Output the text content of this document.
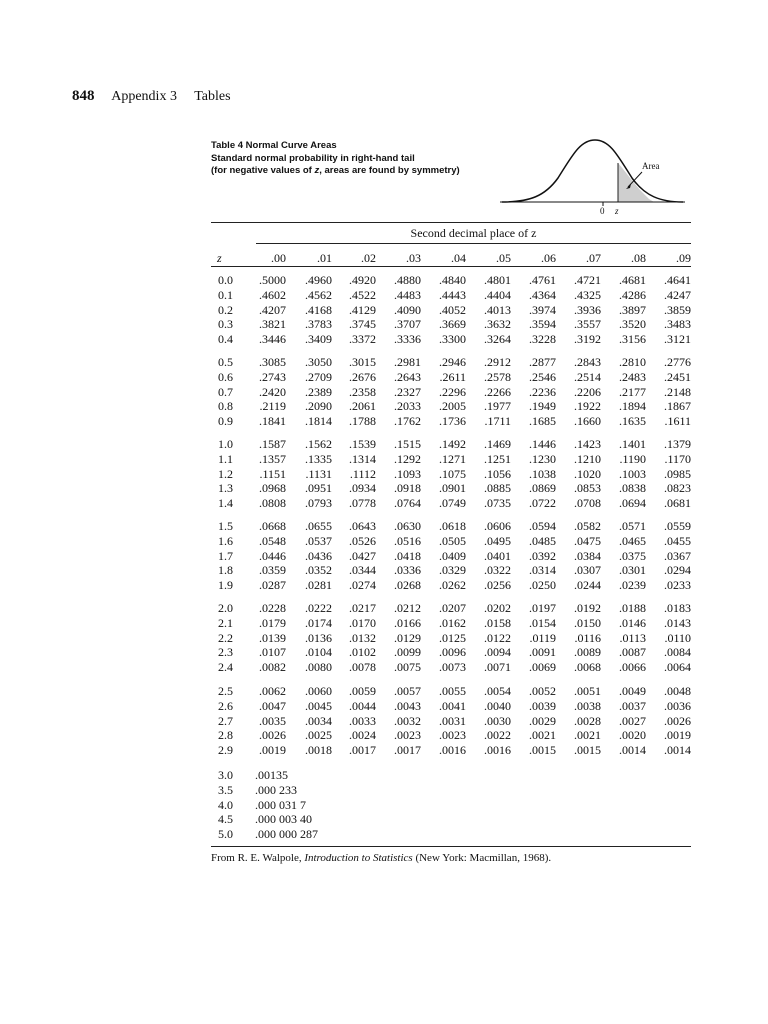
848 Appendix 3 Tables
Table 4 Normal Curve Areas
Standard normal probability in right-hand tail
(for negative values of z, areas are found by symmetry)	Area
0 z
Second decimal place of z
z	.00	.01	.02	.03	.04	.05	.06	.07	.08	.09
0.0	.5000	.4960	.4920	.4880	.4840	.4801	.4761	.4721	.4681	.4641
0.1	.4602	.4562	.4522	.4483	.4443	.4404	.4364	.4325	.4286	.4247
0.2	.4207	.4168	.4129	.4090	.4052	.4013	.3974	.3936	.3897	.3859
0.3	.3821	.3783	.3745	.3707	.3669	.3632	.3594	.3557	.3520	.3483
0.4	.3446	.3409	.3372	.3336	.3300	.3264	.3228	.3192	.3156	.3121
0.5	.3085	.3050	.3015	.2981	.2946	.2912	.2877	.2843	.2810	.2776
0.6	.2743	.2709	.2676	.2643	.2611	.2578	.2546	.2514	.2483	.2451
0.7	.2420	.2389	.2358	.2327	.2296	.2266	.2236	.2206	.2177	.2148
0.8	.2119	.2090	.2061	.2033	.2005	.1977	.1949	.1922	.1894	.1867
0.9	.1841	.1814	.1788	.1762	.1736	.1711	.1685	.1660	.1635	.1611
1.0	.1587	.1562	.1539	.1515	.1492	.1469	.1446	.1423	.1401	.1379
1.1	.1357	.1335	.1314	.1292	.1271	.1251	.1230	.1210	.1190	.1170
1.2	.1151	.1131	.1112	.1093	.1075	.1056	.1038	.1020	.1003	.0985
1.3	.0968	.0951	.0934	.0918	.0901	.0885	.0869	.0853	.0838	.0823
1.4	.0808	.0793	.0778	.0764	.0749	.0735	.0722	.0708	.0694	.0681
1.5	.0668	.0655	.0643	.0630	.0618	.0606	.0594	.0582	.0571	.0559
1.6	.0548	.0537	.0526	.0516	.0505	.0495	.0485	.0475	.0465	.0455
1.7	.0446	.0436	.0427	.0418	.0409	.0401	.0392	.0384	.0375	.0367
1.8	.0359	.0352	.0344	.0336	.0329	.0322	.0314	.0307	.0301	.0294
1.9	.0287	.0281	.0274	.0268	.0262	.0256	.0250	.0244	.0239	.0233
2.0	.0228	.0222	.0217	.0212	.0207	.0202	.0197	.0192	.0188	.0183
2.1	.0179	.0174	.0170	.0166	.0162	.0158	.0154	.0150	.0146	.0143
2.2	.0139	.0136	.0132	.0129	.0125	.0122	.0119	.0116	.0113	.0110
2.3	.0107	.0104	.0102	.0099	.0096	.0094	.0091	.0089	.0087	.0084
2.4	.0082	.0080	.0078	.0075	.0073	.0071	.0069	.0068	.0066	.0064
2.5	.0062	.0060	.0059	.0057	.0055	.0054	.0052	.0051	.0049	.0048
2.6	.0047	.0045	.0044	.0043	.0041	.0040	.0039	.0038	.0037	.0036
2.7	.0035	.0034	.0033	.0032	.0031	.0030	.0029	.0028	.0027	.0026
2.8	.0026	.0025	.0024	.0023	.0023	.0022	.0021	.0021	.0020	.0019
2.9	.0019	.0018	.0017	.0017	.0016	.0016	.0015	.0015	.0014	.0014
3.0 .00135
3.5 .000 233
4.0 .000 031 7
4.5 .000 003 40
5.0 .000 000 287
From R. E. Walpole, Introduction to Statistics (New York: Macmillan, 1968).
